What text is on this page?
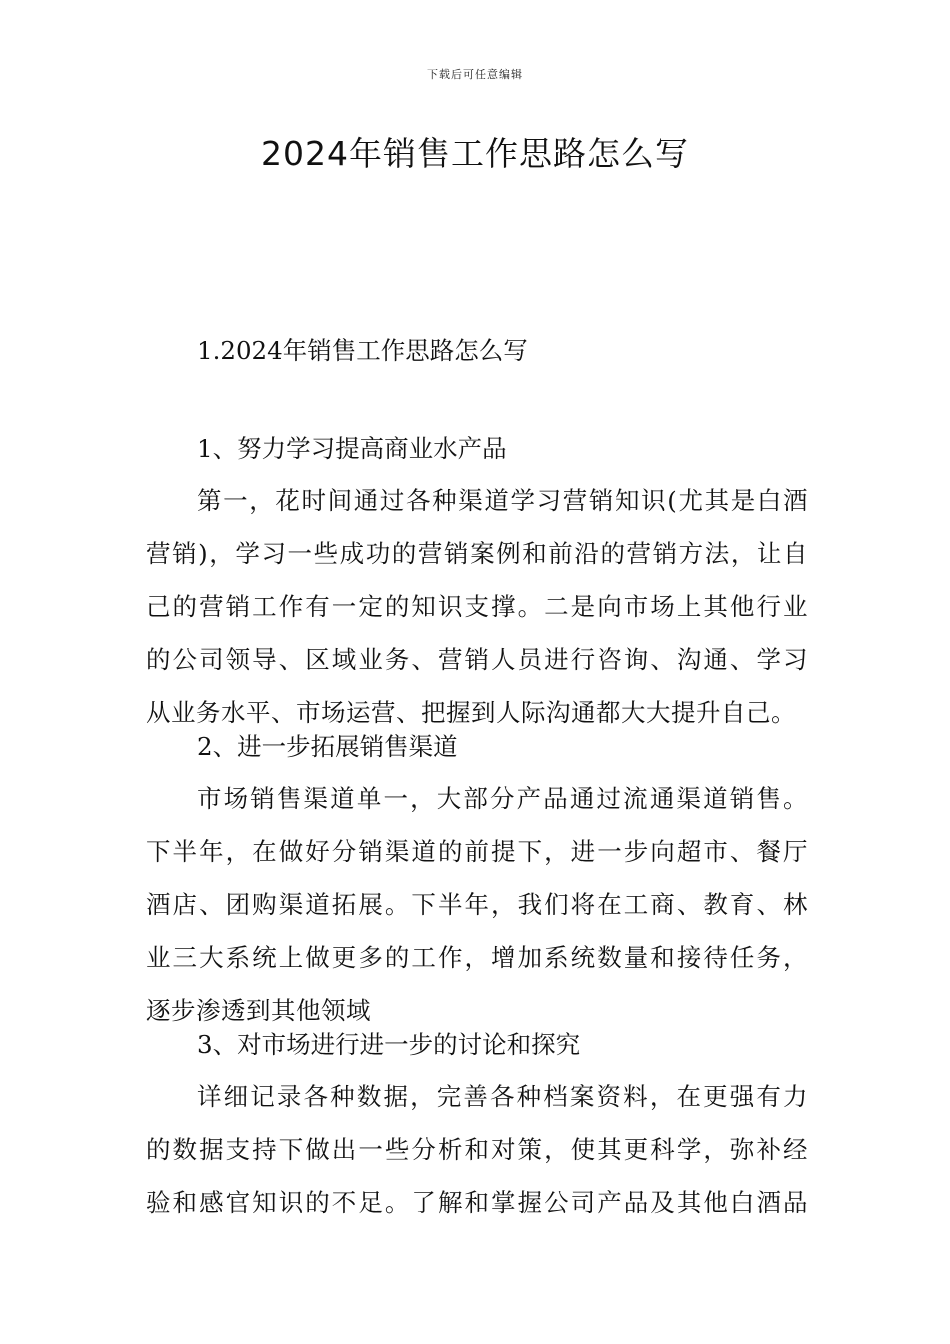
下载后可任意编辑
2024年销售工作思路怎么写

1.2024年销售工作思路怎么写

1、努力学习提高商业水产品

第一，花时间通过各种渠道学习营销知识(尤其是白酒

营销)，学习一些成功的营销案例和前沿的营销方法，让自

己的营销工作有一定的知识支撑。二是向市场上其他行业

的公司领导、区域业务、营销人员进行咨询、沟通、学习

从业务水平、市场运营、把握到人际沟通都大大提升自己。

2、进一步拓展销售渠道

市场销售渠道单一，大部分产品通过流通渠道销售。

下半年，在做好分销渠道的前提下，进一步向超市、餐厅

酒店、团购渠道拓展。下半年，我们将在工商、教育、林

业三大系统上做更多的工作，增加系统数量和接待任务，

逐步渗透到其他领域

3、对市场进行进一步的讨论和探究

详细记录各种数据，完善各种档案资料，在更强有力

的数据支持下做出一些分析和对策，使其更科学，弥补经

验和感官知识的不足。了解和掌握公司产品及其他白酒品
